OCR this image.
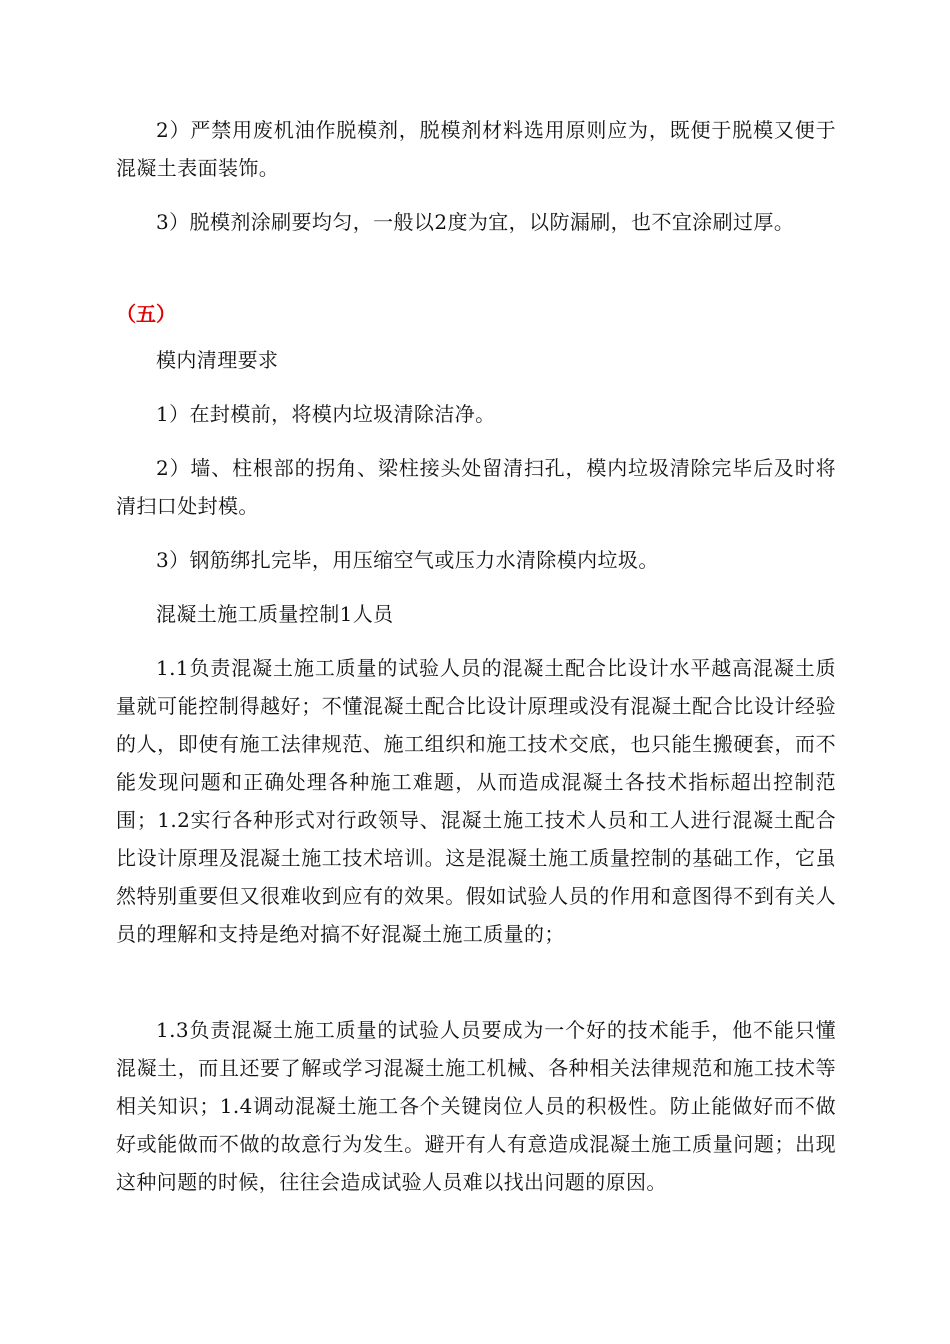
2）严禁用废机油作脱模剂，脱模剂材料选用原则应为，既便于脱模又便于混凝土表面装饰。

3）脱模剂涂刷要均匀，一般以2度为宜，以防漏刷，也不宜涂刷过厚。

（五）

模内清理要求

1）在封模前，将模内垃圾清除洁净。

2）墙、柱根部的拐角、梁柱接头处留清扫孔，模内垃圾清除完毕后及时将清扫口处封模。

3）钢筋绑扎完毕，用压缩空气或压力水清除模内垃圾。

混凝土施工质量控制1人员

1.1负责混凝土施工质量的试验人员的混凝土配合比设计水平越高混凝土质量就可能控制得越好；不懂混凝土配合比设计原理或没有混凝土配合比设计经验的人，即使有施工法律规范、施工组织和施工技术交底，也只能生搬硬套，而不能发现问题和正确处理各种施工难题，从而造成混凝土各技术指标超出控制范围；1.2实行各种形式对行政领导、混凝土施工技术人员和工人进行混凝土配合比设计原理及混凝土施工技术培训。这是混凝土施工质量控制的基础工作，它虽然特别重要但又很难收到应有的效果。假如试验人员的作用和意图得不到有关人员的理解和支持是绝对搞不好混凝土施工质量的；

1.3负责混凝土施工质量的试验人员要成为一个好的技术能手，他不能只懂混凝土，而且还要了解或学习混凝土施工机械、各种相关法律规范和施工技术等相关知识；1.4调动混凝土施工各个关键岗位人员的积极性。防止能做好而不做好或能做而不做的故意行为发生。避开有人有意造成混凝土施工质量问题；出现这种问题的时候，往往会造成试验人员难以找出问题的原因。
